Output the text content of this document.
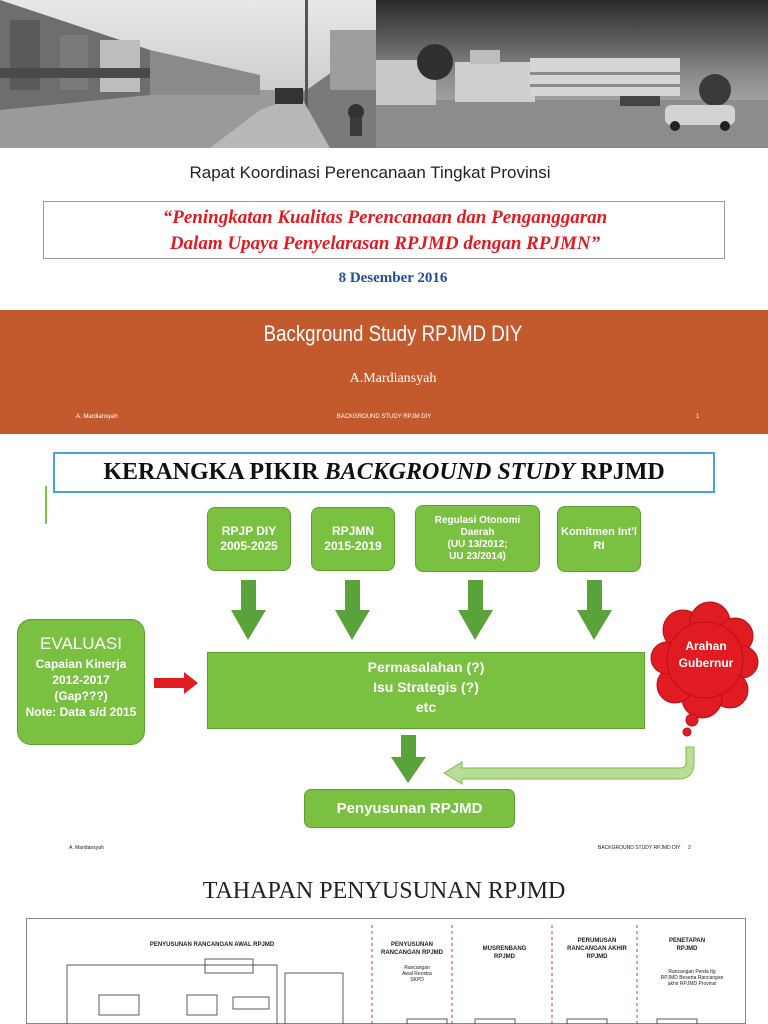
Rapat Koordinasi Perencanaan Tingkat Provinsi
“Peningkatan Kualitas Perencanaan dan Penganggaran
Dalam Upaya Penyelarasan RPJMD dengan RPJMN”
8 Desember 2016
Background Study RPJMD DIY
A.Mardiansyah
A. Mardiansyah	BACKGROUND STUDY RPJM DIY	1
KERANGKA PIKIR BACKGROUND STUDY RPJMD
RPJP DIY
2005-2025
RPJMN
2015-2019
Regulasi Otonomi
Daerah
(UU 13/2012;
UU 23/2014)
Komitmen Int'l
RI
EVALUASI
Capaian Kinerja
2012-2017
(Gap???)
Note: Data s/d 2015
Permasalahan (?)
Isu Strategis (?)
etc
Arahan
Gubernur
Penyusunan RPJMD
A. Mardiansyah	BACKGROUND STUDY RPJMD DIY 2
TAHAPAN PENYUSUNAN RPJMD
PENYUSUNAN RANCANGAN AWAL RPJMD	PENYUSUNAN
RANCANGAN RPJMD
MUSRENBANG
RPJMD
PERUMUSAN
RANCANGAN AKHIR
RPJMD
PENETAPAN
RPJMD
Rancangan
Awal Renstra
SKPD
Rancangan Perda ttg
RPJMD Beserta Rancangan
akhir RPJMD Provinsi
